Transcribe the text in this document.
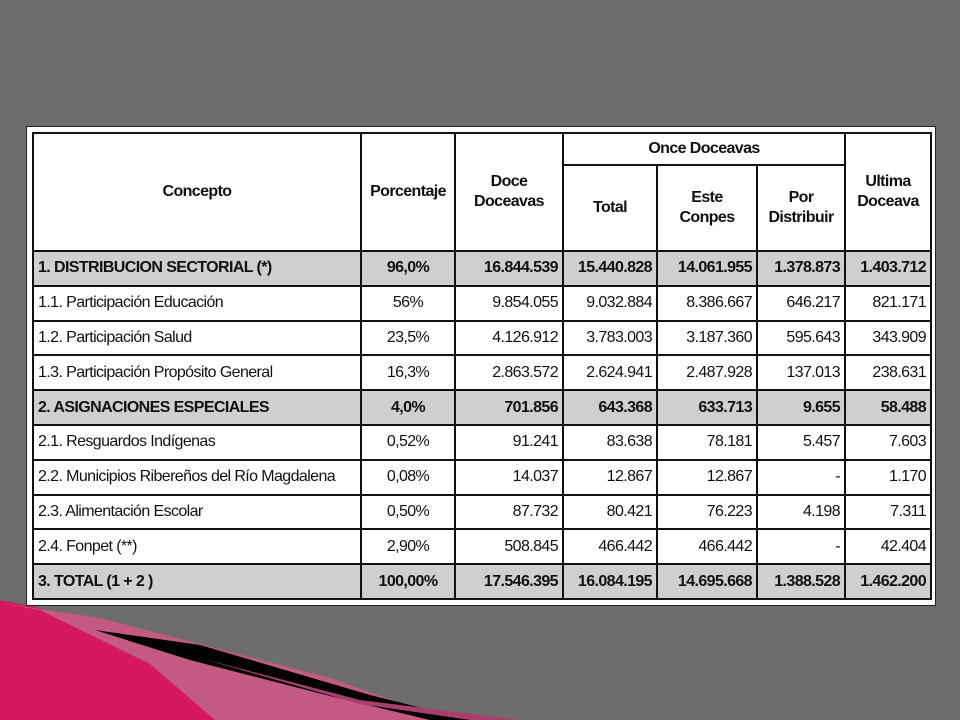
Concepto	Porcentaje	Doce Doceavas	Once Doceavas			Ultima Doceava
			Total	Este Conpes	Por Distribuir	
1. DISTRIBUCION SECTORIAL (*)	96,0%	16.844.539	15.440.828	14.061.955	1.378.873	1.403.712
1.1. Participación Educación	56%	9.854.055	9.032.884	8.386.667	646.217	821.171
1.2. Participación Salud	23,5%	4.126.912	3.783.003	3.187.360	595.643	343.909
1.3. Participación Propósito General	16,3%	2.863.572	2.624.941	2.487.928	137.013	238.631
2. ASIGNACIONES ESPECIALES	4,0%	701.856	643.368	633.713	9.655	58.488
2.1. Resguardos Indígenas	0,52%	91.241	83.638	78.181	5.457	7.603
2.2. Municipios Ribereños del Río Magdalena	0,08%	14.037	12.867	12.867	-	1.170
2.3. Alimentación Escolar	0,50%	87.732	80.421	76.223	4.198	7.311
2.4. Fonpet (**)	2,90%	508.845	466.442	466.442	-	42.404
3. TOTAL (1 + 2 )	100,00%	17.546.395	16.084.195	14.695.668	1.388.528	1.462.200
